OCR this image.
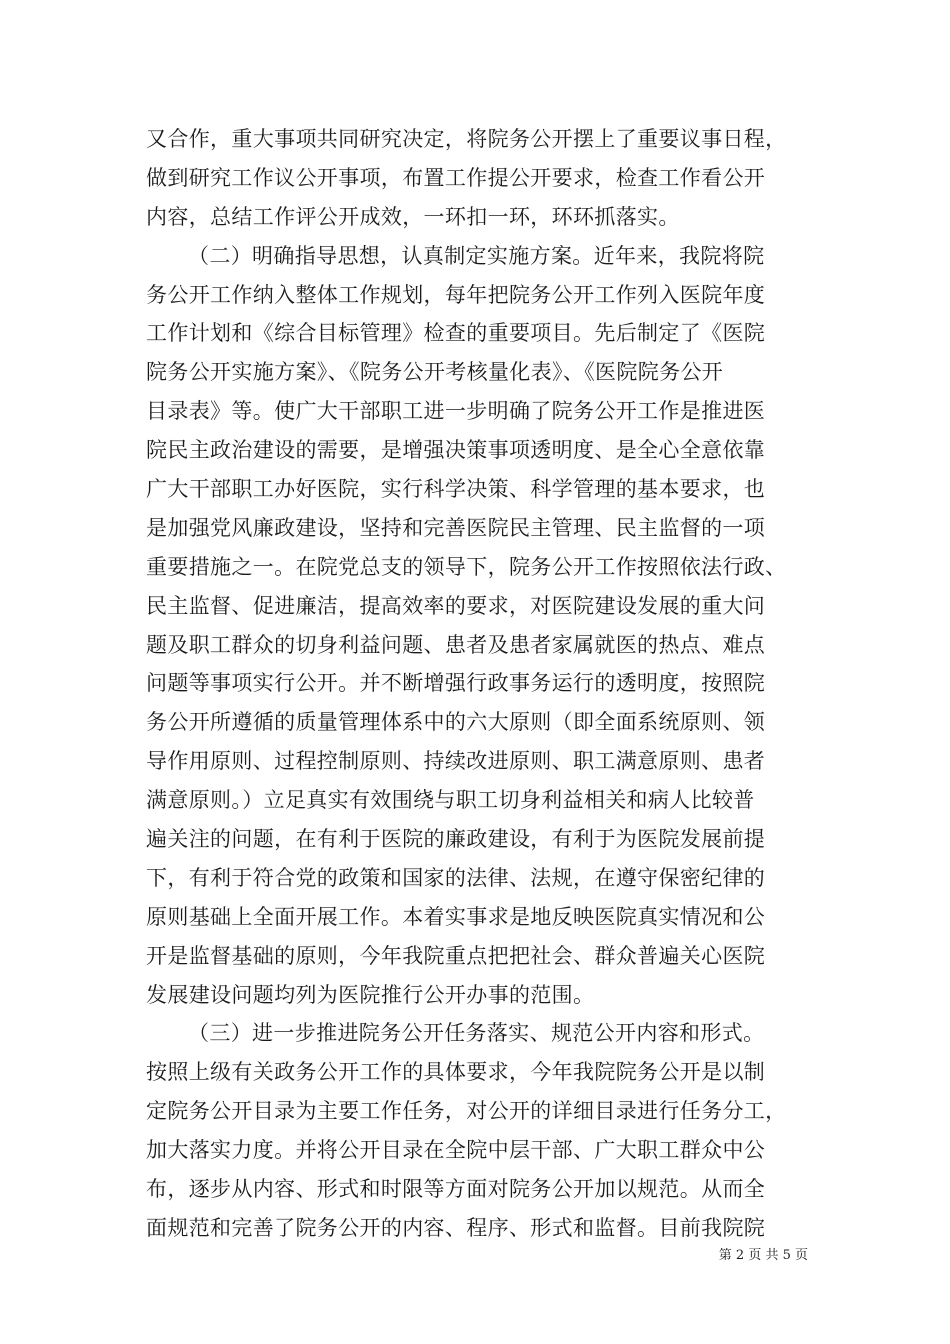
又合作，重大事项共同研究决定，将院务公开摆上了重要议事日程，
做到研究工作议公开事项，布置工作提公开要求，检查工作看公开
内容，总结工作评公开成效，一环扣一环，环环抓落实。
（二）明确指导思想，认真制定实施方案。近年来，我院将院
务公开工作纳入整体工作规划，每年把院务公开工作列入医院年度
工作计划和《综合目标管理》检查的重要项目。先后制定了《医院
院务公开实施方案》、《院务公开考核量化表》、《医院院务公开
目录表》等。使广大干部职工进一步明确了院务公开工作是推进医
院民主政治建设的需要，是增强决策事项透明度、是全心全意依靠
广大干部职工办好医院，实行科学决策、科学管理的基本要求，也
是加强党风廉政建设，坚持和完善医院民主管理、民主监督的一项
重要措施之一。在院党总支的领导下，院务公开工作按照依法行政、
民主监督、促进廉洁，提高效率的要求，对医院建设发展的重大问
题及职工群众的切身利益问题、患者及患者家属就医的热点、难点
问题等事项实行公开。并不断增强行政事务运行的透明度，按照院
务公开所遵循的质量管理体系中的六大原则（即全面系统原则、领
导作用原则、过程控制原则、持续改进原则、职工满意原则、患者
满意原则。）立足真实有效围绕与职工切身利益相关和病人比较普
遍关注的问题，在有利于医院的廉政建设，有利于为医院发展前提
下，有利于符合党的政策和国家的法律、法规，在遵守保密纪律的
原则基础上全面开展工作。本着实事求是地反映医院真实情况和公
开是监督基础的原则，今年我院重点把把社会、群众普遍关心医院
发展建设问题均列为医院推行公开办事的范围。
（三）进一步推进院务公开任务落实、规范公开内容和形式。
按照上级有关政务公开工作的具体要求，今年我院院务公开是以制
定院务公开目录为主要工作任务，对公开的详细目录进行任务分工，
加大落实力度。并将公开目录在全院中层干部、广大职工群众中公
布，逐步从内容、形式和时限等方面对院务公开加以规范。从而全
面规范和完善了院务公开的内容、程序、形式和监督。目前我院院
第 2 页 共 5 页
